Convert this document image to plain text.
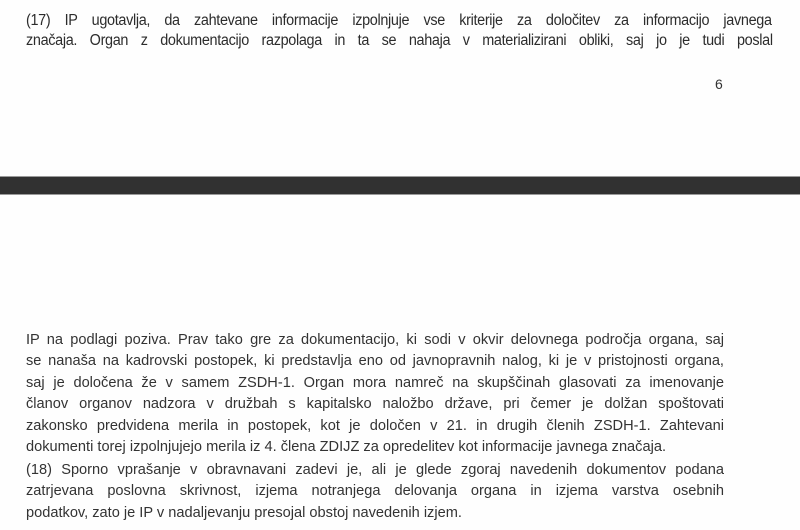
(17) IP ugotavlja, da zahtevane informacije izpolnjuje vse kriterije za določitev za informacijo javnega
značaja. Organ z dokumentacijo razpolaga in ta se nahaja v materializirani obliki, saj jo je tudi poslal

6

IP na podlagi poziva. Prav tako gre za dokumentacijo, ki sodi v okvir delovnega področja organa, saj
se nanaša na kadrovski postopek, ki predstavlja eno od javnopravnih nalog, ki je v pristojnosti organa,
saj je določena že v samem ZSDH-1. Organ mora namreč na skupščinah glasovati za imenovanje
članov organov nadzora v družbah s kapitalsko naložbo države, pri čemer je dolžan spoštovati
zakonsko predvidena merila in postopek, kot je določen v 21. in drugih členih ZSDH-1. Zahtevani
dokumenti torej izpolnjujejo merila iz 4. člena ZDIJZ za opredelitev kot informacije javnega značaja.

(18) Sporno vprašanje v obravnavani zadevi je, ali je glede zgoraj navedenih dokumentov podana
zatrjevana poslovna skrivnost, izjema notranjega delovanja organa in izjema varstva osebnih
podatkov, zato je IP v nadaljevanju presojal obstoj navedenih izjem.
